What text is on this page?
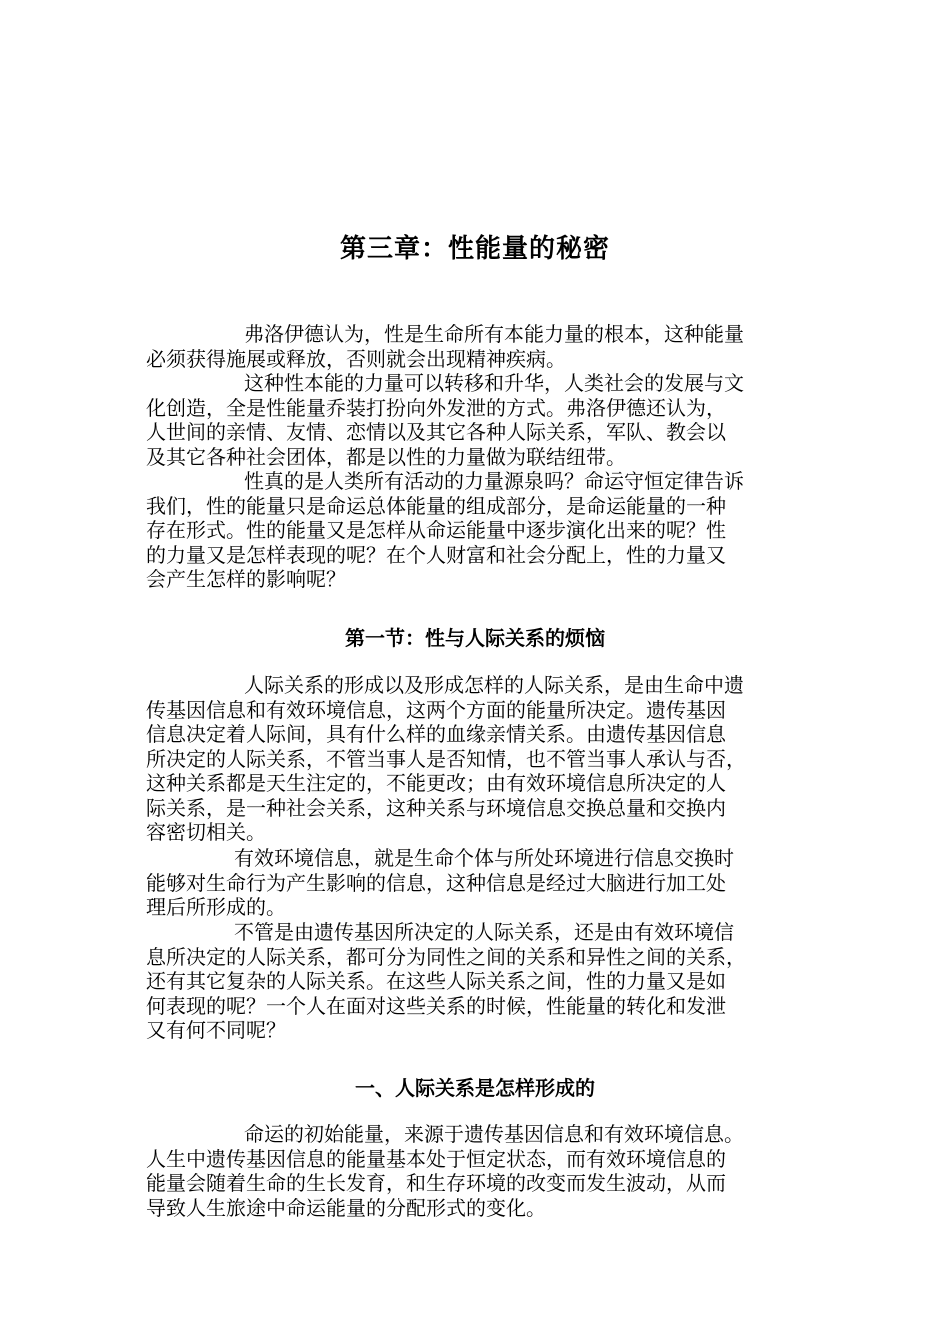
第三章：性能量的秘密
弗洛伊德认为，性是生命所有本能力量的根本，这种能量
必须获得施展或释放，否则就会出现精神疾病。
这种性本能的力量可以转移和升华，人类社会的发展与文
化创造，全是性能量乔装打扮向外发泄的方式。弗洛伊德还认为，
人世间的亲情、友情、恋情以及其它各种人际关系，军队、教会以
及其它各种社会团体，都是以性的力量做为联结纽带。
性真的是人类所有活动的力量源泉吗？命运守恒定律告诉
我们，性的能量只是命运总体能量的组成部分，是命运能量的一种
存在形式。性的能量又是怎样从命运能量中逐步演化出来的呢？性
的力量又是怎样表现的呢？在个人财富和社会分配上，性的力量又
会产生怎样的影响呢？
第一节：性与人际关系的烦恼
人际关系的形成以及形成怎样的人际关系，是由生命中遗
传基因信息和有效环境信息，这两个方面的能量所决定。遗传基因
信息决定着人际间，具有什么样的血缘亲情关系。由遗传基因信息
所决定的人际关系，不管当事人是否知情，也不管当事人承认与否，
这种关系都是天生注定的，不能更改；由有效环境信息所决定的人
际关系，是一种社会关系，这种关系与环境信息交换总量和交换内
容密切相关。
有效环境信息，就是生命个体与所处环境进行信息交换时
能够对生命行为产生影响的信息，这种信息是经过大脑进行加工处
理后所形成的。
不管是由遗传基因所决定的人际关系，还是由有效环境信
息所决定的人际关系，都可分为同性之间的关系和异性之间的关系，
还有其它复杂的人际关系。在这些人际关系之间，性的力量又是如
何表现的呢？一个人在面对这些关系的时候，性能量的转化和发泄
又有何不同呢？
一、人际关系是怎样形成的
命运的初始能量，来源于遗传基因信息和有效环境信息。
人生中遗传基因信息的能量基本处于恒定状态，而有效环境信息的
能量会随着生命的生长发育，和生存环境的改变而发生波动，从而
导致人生旅途中命运能量的分配形式的变化。
